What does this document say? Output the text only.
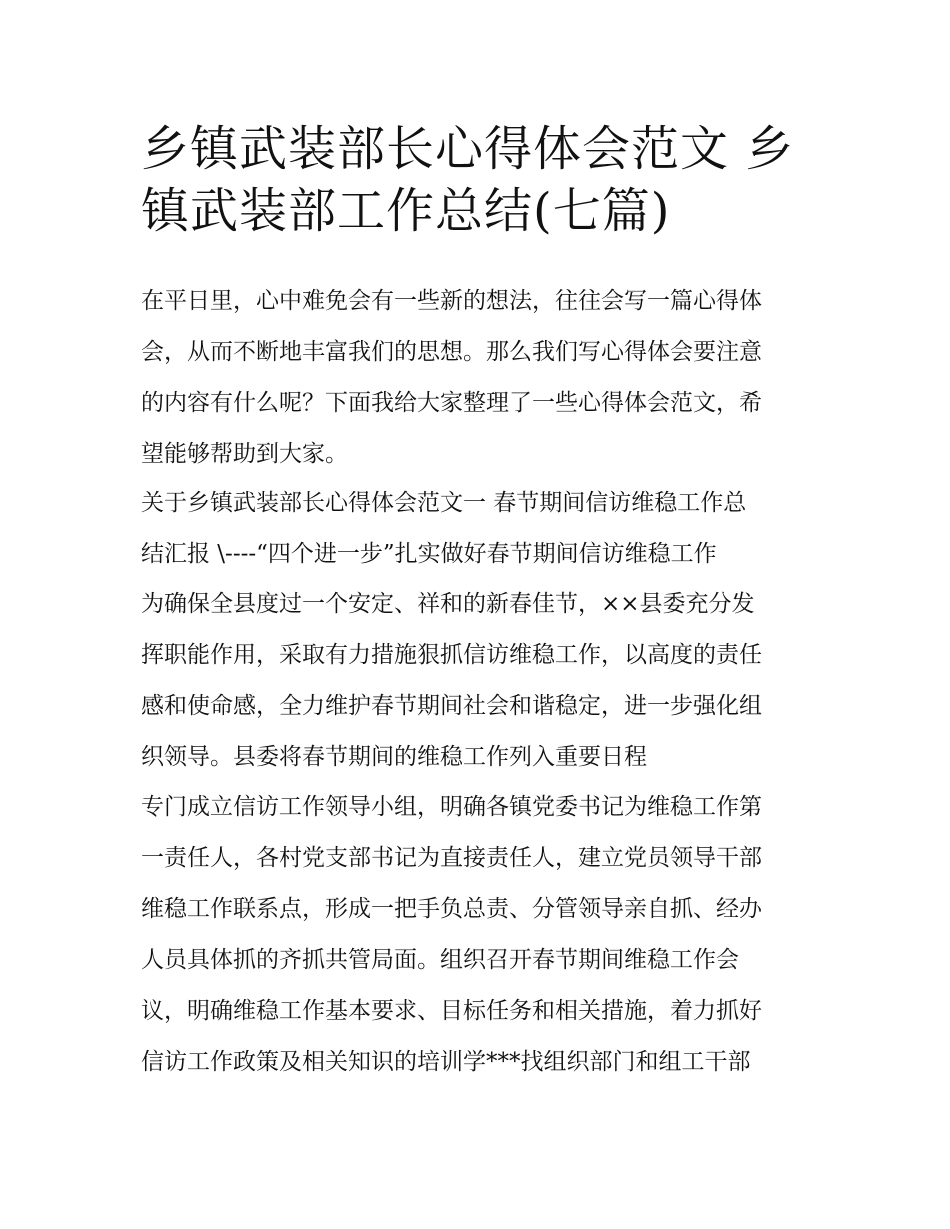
乡镇武装部长心得体会范文 乡
镇武装部工作总结(七篇)

在平日里，心中难免会有一些新的想法，往往会写一篇心得体
会，从而不断地丰富我们的思想。那么我们写心得体会要注意
的内容有什么呢？下面我给大家整理了一些心得体会范文，希
望能够帮助到大家。

关于乡镇武装部长心得体会范文一 春节期间信访维稳工作总
结汇报 \----“四个进一步”扎实做好春节期间信访维稳工作

为确保全县度过一个安定、祥和的新春佳节，××县委充分发
挥职能作用，采取有力措施狠抓信访维稳工作，以高度的责任
感和使命感，全力维护春节期间社会和谐稳定，进一步强化组
织领导。县委将春节期间的维稳工作列入重要日程

专门成立信访工作领导小组，明确各镇党委书记为维稳工作第
一责任人，各村党支部书记为直接责任人，建立党员领导干部
维稳工作联系点，形成一把手负总责、分管领导亲自抓、经办
人员具体抓的齐抓共管局面。组织召开春节期间维稳工作会
议，明确维稳工作基本要求、目标任务和相关措施，着力抓好
信访工作政策及相关知识的培训学***找组织部门和组工干部
